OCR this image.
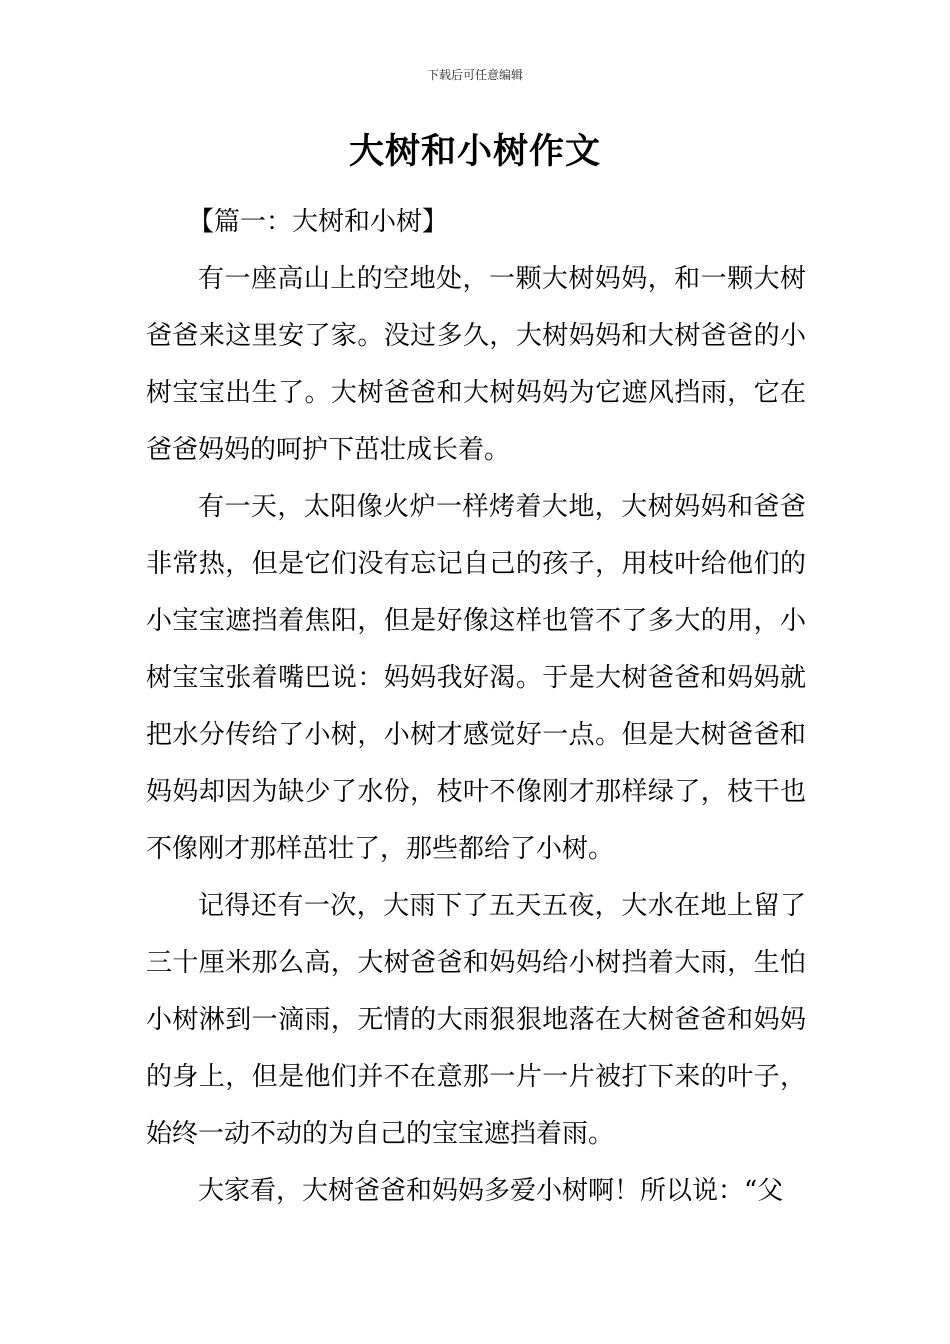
下载后可任意编辑
大树和小树作文

【篇一：大树和小树】

有一座高山上的空地处，一颗大树妈妈，和一颗大树爸爸来这里安了家。没过多久，大树妈妈和大树爸爸的小树宝宝出生了。大树爸爸和大树妈妈为它遮风挡雨，它在爸爸妈妈的呵护下茁壮成长着。

有一天，太阳像火炉一样烤着大地，大树妈妈和爸爸非常热，但是它们没有忘记自己的孩子，用枝叶给他们的小宝宝遮挡着焦阳，但是好像这样也管不了多大的用，小树宝宝张着嘴巴说：妈妈我好渴。于是大树爸爸和妈妈就把水分传给了小树，小树才感觉好一点。但是大树爸爸和妈妈却因为缺少了水份，枝叶不像刚才那样绿了，枝干也不像刚才那样茁壮了，那些都给了小树。

记得还有一次，大雨下了五天五夜，大水在地上留了三十厘米那么高，大树爸爸和妈妈给小树挡着大雨，生怕小树淋到一滴雨，无情的大雨狠狠地落在大树爸爸和妈妈的身上，但是他们并不在意那一片一片被打下来的叶子，始终一动不动的为自己的宝宝遮挡着雨。

大家看，大树爸爸和妈妈多爱小树啊！所以说：“父
